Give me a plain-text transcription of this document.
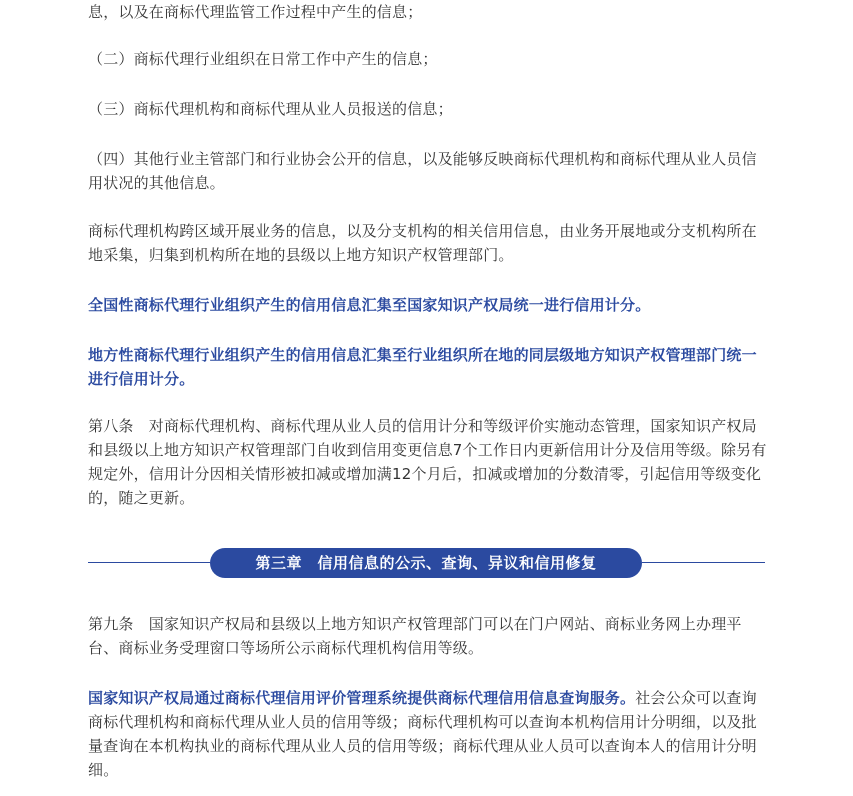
息，以及在商标代理监管工作过程中产生的信息；

（二）商标代理行业组织在日常工作中产生的信息；

（三）商标代理机构和商标代理从业人员报送的信息；

（四）其他行业主管部门和行业协会公开的信息，以及能够反映商标代理机构和商标代理从业人员信用状况的其他信息。

商标代理机构跨区域开展业务的信息，以及分支机构的相关信用信息，由业务开展地或分支机构所在地采集，归集到机构所在地的县级以上地方知识产权管理部门。

全国性商标代理行业组织产生的信用信息汇集至国家知识产权局统一进行信用计分。

地方性商标代理行业组织产生的信用信息汇集至行业组织所在地的同层级地方知识产权管理部门统一进行信用计分。

第八条　对商标代理机构、商标代理从业人员的信用计分和等级评价实施动态管理，国家知识产权局和县级以上地方知识产权管理部门自收到信用变更信息7个工作日内更新信用计分及信用等级。除另有规定外，信用计分因相关情形被扣减或增加满12个月后，扣减或增加的分数清零，引起信用等级变化的，随之更新。

第三章　信用信息的公示、查询、异议和信用修复

第九条　国家知识产权局和县级以上地方知识产权管理部门可以在门户网站、商标业务网上办理平台、商标业务受理窗口等场所公示商标代理机构信用等级。

国家知识产权局通过商标代理信用评价管理系统提供商标代理信用信息查询服务。社会公众可以查询商标代理机构和商标代理从业人员的信用等级；商标代理机构可以查询本机构信用计分明细，以及批量查询在本机构执业的商标代理从业人员的信用等级；商标代理从业人员可以查询本人的信用计分明细。
